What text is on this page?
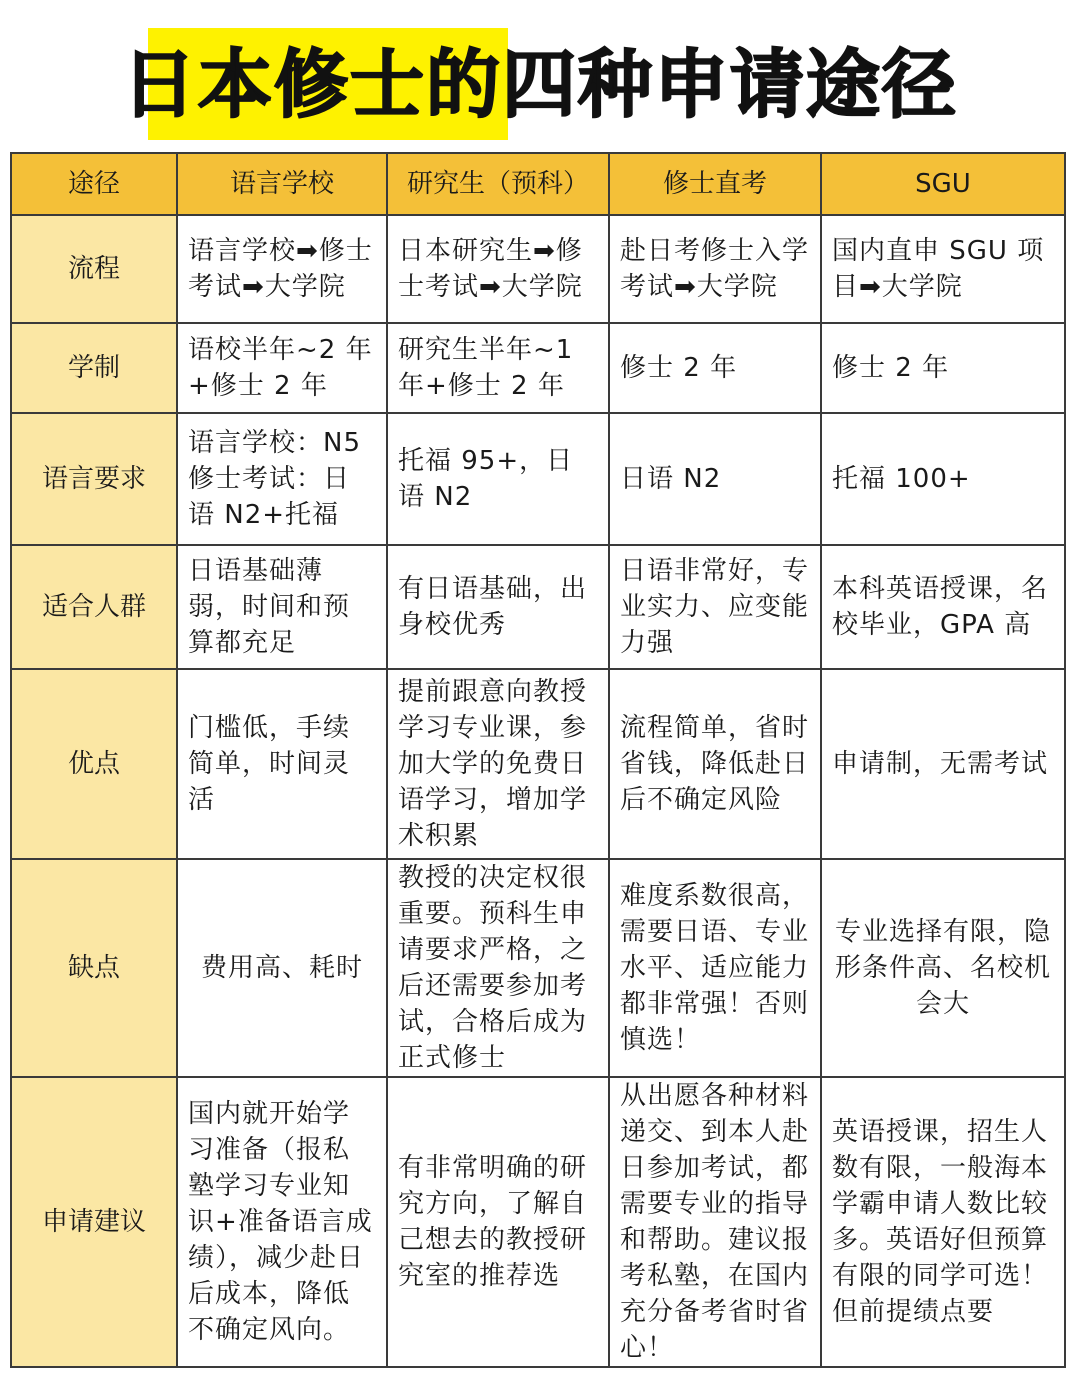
日本修士的四种申请途径
途径	语言学校	研究生（预科）	修士直考	SGU
流程	语言学校➡修士考试➡大学院	日本研究生➡修士考试➡大学院	赴日考修士入学考试➡大学院	国内直申 SGU 项目➡大学院
学制	语校半年~2 年+修士 2 年	研究生半年~1 年+修士 2 年	修士 2 年	修士 2 年
语言要求	语言学校：N5 修士考试：日语 N2+托福	托福 95+，日语 N2	日语 N2	托福 100+
适合人群	日语基础薄弱，时间和预算都充足	有日语基础，出身校优秀	日语非常好，专业实力、应变能力强	本科英语授课，名校毕业，GPA 高
优点	门槛低，手续简单，时间灵活	提前跟意向教授学习专业课，参加大学的免费日语学习，增加学术积累	流程简单，省时省钱，降低赴日后不确定风险	申请制，无需考试
缺点	费用高、耗时	教授的决定权很重要。预科生申请要求严格，之后还需要参加考试，合格后成为正式修士	难度系数很高，需要日语、专业水平、适应能力都非常强！否则慎选！	专业选择有限，隐形条件高、名校机会大
申请建议	国内就开始学习准备（报私塾学习专业知识+准备语言成绩），减少赴日后成本，降低不确定风向。	有非常明确的研究方向，了解自己想去的教授研究室的推荐选	从出愿各种材料递交、到本人赴日参加考试，都需要专业的指导和帮助。建议报考私塾，在国内充分备考省时省心！	英语授课，招生人数有限，一般海本学霸申请人数比较多。英语好但预算有限的同学可选！但前提绩点要
